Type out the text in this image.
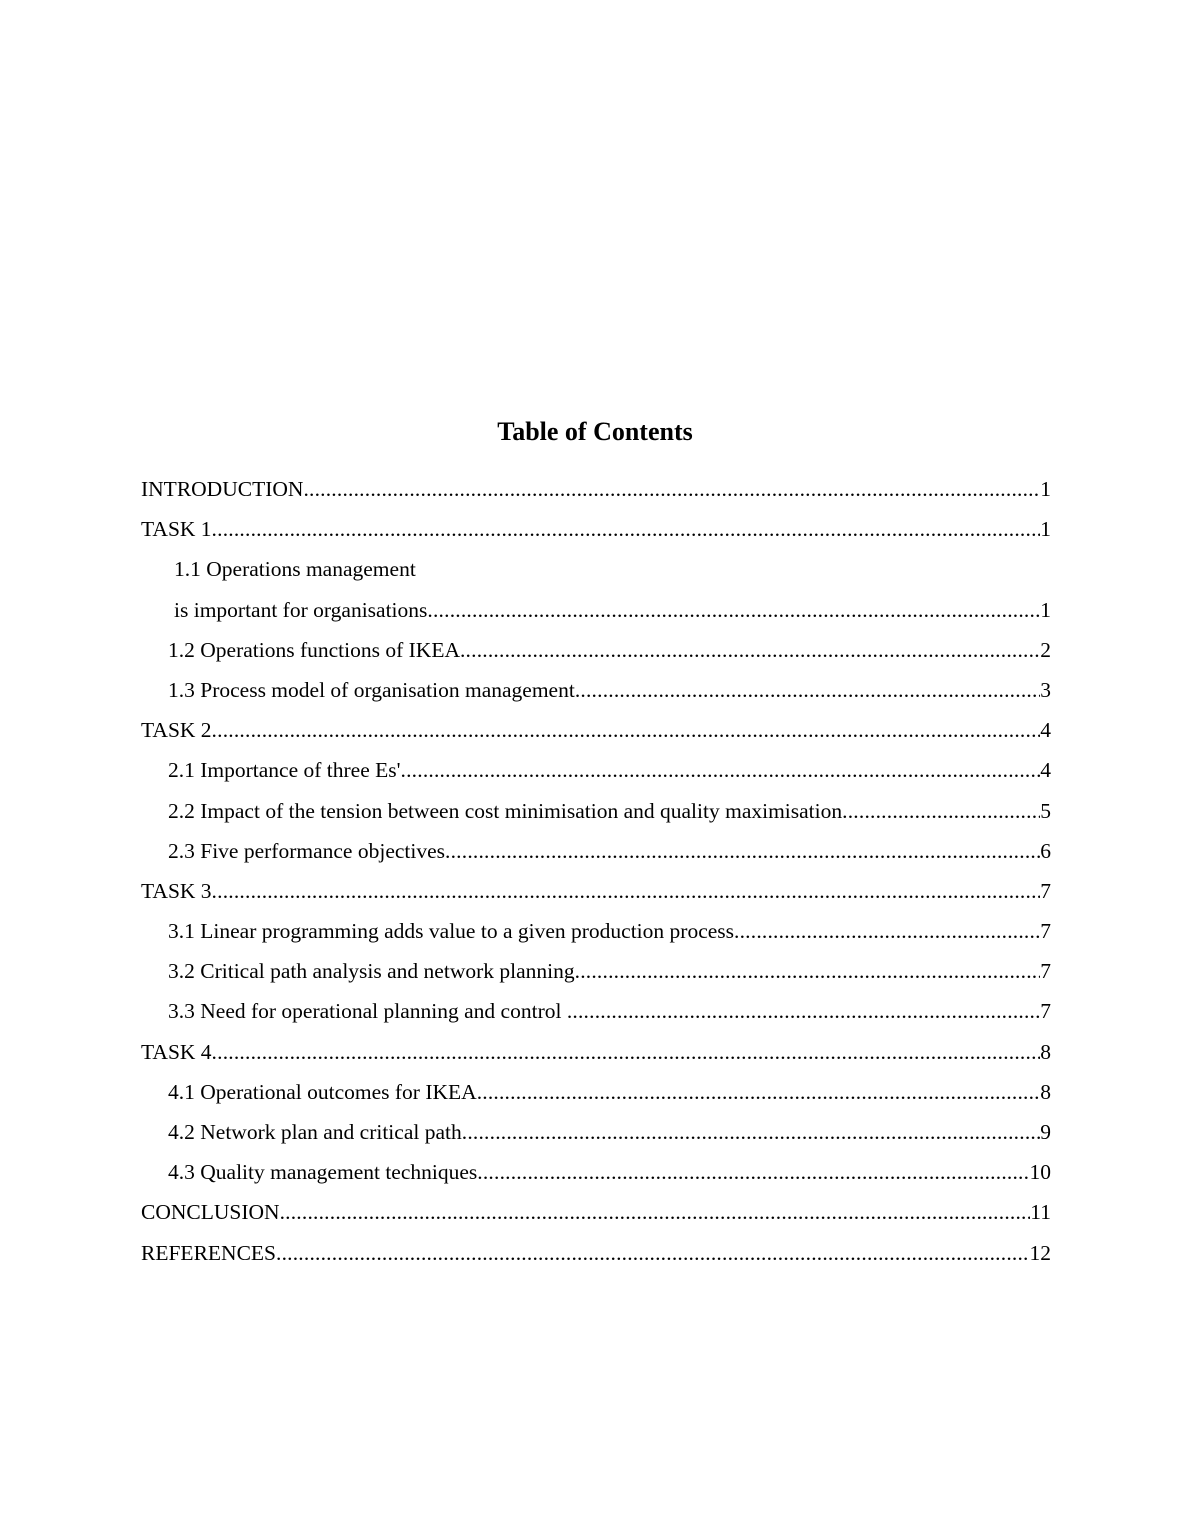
Table of Contents
INTRODUCTION .....	1
TASK 1 .....	1
1.1 Operations management
is important for organisations .....	1
1.2 Operations functions of IKEA .....	2
1.3 Process model of organisation management .....	3
TASK 2 .....	4
2.1 Importance of three Es' .....	4
2.2 Impact of the tension between cost minimisation and quality maximisation .....	5
2.3 Five performance objectives .....	6
TASK 3 .....	7
3.1 Linear programming adds value to a given production process .....	7
3.2 Critical path analysis and network planning .....	7
3.3 Need for operational planning and control .....	7
TASK 4 .....	8
4.1 Operational outcomes for IKEA .....	8
4.2 Network plan and critical path .....	9
4.3 Quality management techniques .....	10
CONCLUSION .....	11
REFERENCES .....	12
